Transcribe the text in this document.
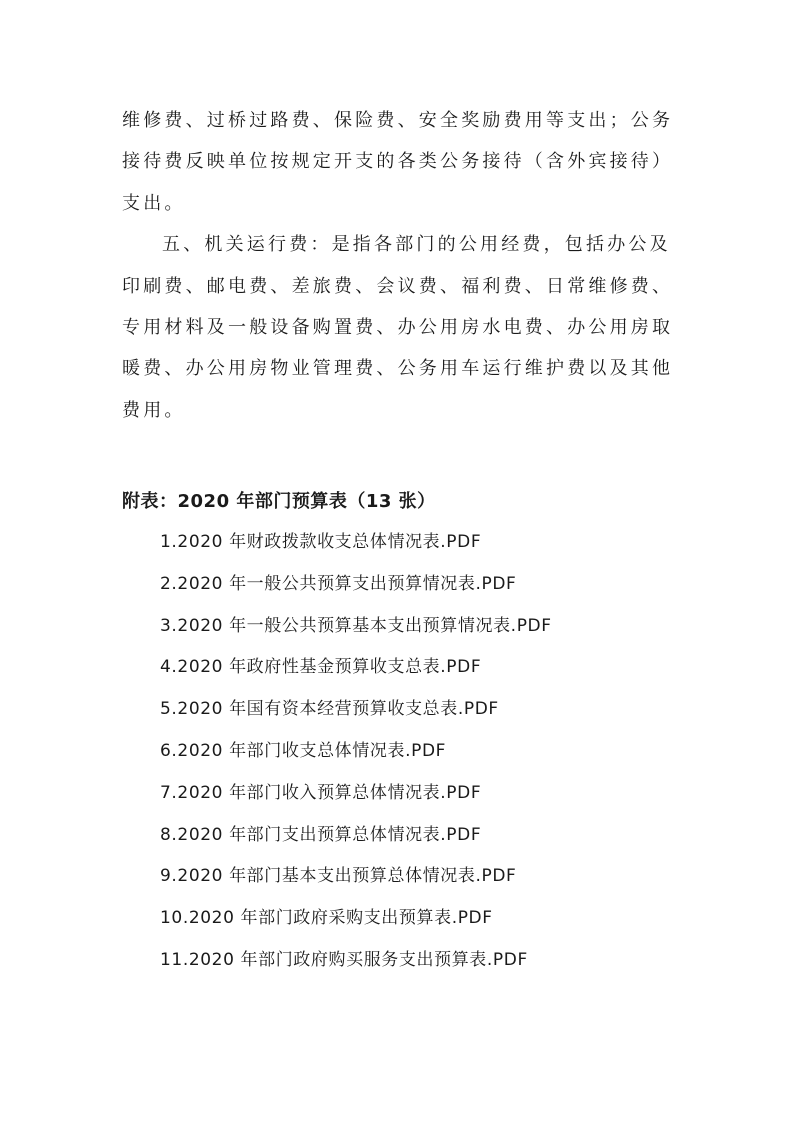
维修费、过桥过路费、保险费、安全奖励费用等支出；公务
接待费反映单位按规定开支的各类公务接待（含外宾接待）
支出。
五、机关运行费：是指各部门的公用经费，包括办公及
印刷费、邮电费、差旅费、会议费、福利费、日常维修费、
专用材料及一般设备购置费、办公用房水电费、办公用房取
暖费、办公用房物业管理费、公务用车运行维护费以及其他
费用。
附表：2020 年部门预算表（13 张）
1.2020 年财政拨款收支总体情况表.PDF
2.2020 年一般公共预算支出预算情况表.PDF
3.2020 年一般公共预算基本支出预算情况表.PDF
4.2020 年政府性基金预算收支总表.PDF
5.2020 年国有资本经营预算收支总表.PDF
6.2020 年部门收支总体情况表.PDF
7.2020 年部门收入预算总体情况表.PDF
8.2020 年部门支出预算总体情况表.PDF
9.2020 年部门基本支出预算总体情况表.PDF
10.2020 年部门政府采购支出预算表.PDF
11.2020 年部门政府购买服务支出预算表.PDF
